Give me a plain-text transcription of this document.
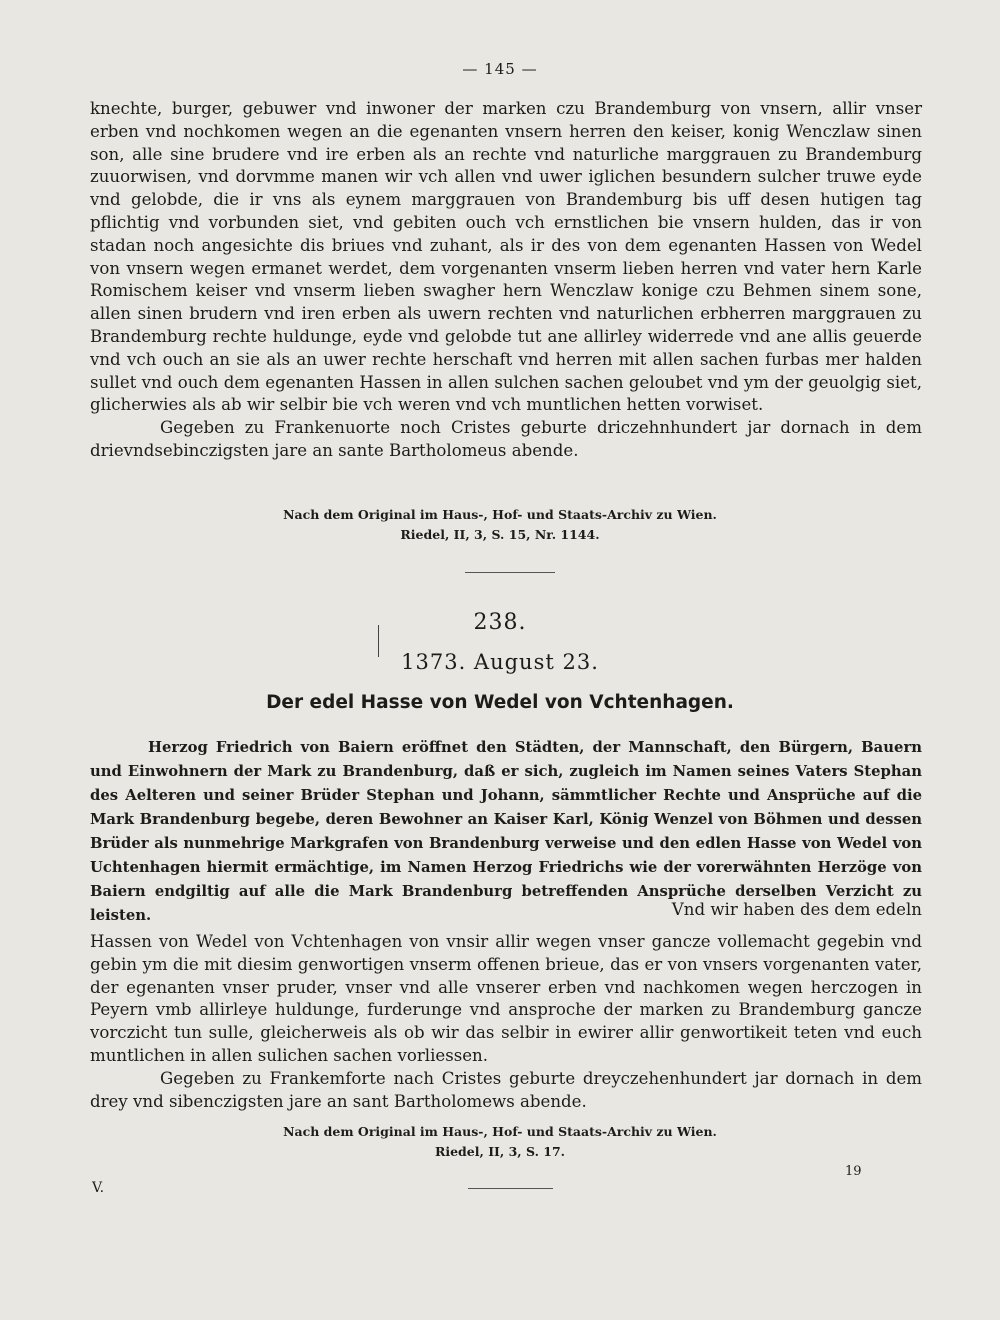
— 145 —

knechte, burger, gebuwer vnd inwoner der marken czu Brandemburg von vnsern, allir vnser erben vnd nochkomen wegen an die egenanten vnsern herren den keiser, konig Wenczlaw sinen son, alle sine brudere vnd ire erben als an rechte vnd naturliche marggrauen zu Brandemburg zuuorwisen, vnd dorvmme manen wir vch allen vnd uwer iglichen besundern sulcher truwe eyde vnd gelobde, die ir vns als eynem marggrauen von Brandemburg bis uff desen hutigen tag pflichtig vnd vorbunden siet, vnd gebiten ouch vch ernstlichen bie vnsern hulden, das ir von stadan noch angesichte dis briues vnd zuhant, als ir des von dem egenanten Hassen von Wedel von vnsern wegen ermanet werdet, dem vorgenanten vnserm lieben herren vnd vater hern Karle Romischem keiser vnd vnserm lieben swagher hern Wenczlaw konige czu Behmen sinem sone, allen sinen brudern vnd iren erben als uwern rechten vnd naturlichen erbherren marggrauen zu Brandemburg rechte huldunge, eyde vnd gelobde tut ane allirley widerrede vnd ane allis geuerde vnd vch ouch an sie als an uwer rechte herschaft vnd herren mit allen sachen furbas mer halden sullet vnd ouch dem egenanten Hassen in allen sulchen sachen geloubet vnd ym der geuolgig siet, glicherwies als ab wir selbir bie vch weren vnd vch muntlichen hetten vorwiset.

Gegeben zu Frankenuorte noch Cristes geburte driczehnhundert jar dornach in dem drievndsebinczigsten jare an sante Bartholomeus abende.

Nach dem Original im Haus-, Hof- und Staats-Archiv zu Wien.
Riedel, II, 3, S. 15, Nr. 1144.
238.
1373. August 23.
Der edel Hasse von Wedel von Vchtenhagen.
Herzog Friedrich von Baiern eröffnet den Städten, der Mannschaft, den Bürgern, Bauern und Einwohnern der Mark zu Brandenburg, daß er sich, zugleich im Namen seines Vaters Stephan des Aelteren und seiner Brüder Stephan und Johann, sämmtlicher Rechte und Ansprüche auf die Mark Brandenburg begebe, deren Bewohner an Kaiser Karl, König Wenzel von Böhmen und dessen Brüder als nunmehrige Markgrafen von Brandenburg verweise und den edlen Hasse von Wedel von Uchtenhagen hiermit ermächtige, im Namen Herzog Friedrichs wie der vorerwähnten Herzöge von Baiern endgiltig auf alle die Mark Brandenburg betreffenden Ansprüche derselben Verzicht zu leisten.	Vnd wir haben des dem edeln

Hassen von Wedel von Vchtenhagen von vnsir allir wegen vnser gancze vollemacht gegebin vnd gebin ym die mit diesim genwortigen vnserm offenen brieue, das er von vnsers vorgenanten vater, der egenanten vnser pruder, vnser vnd alle vnserer erben vnd nachkomen wegen herczogen in Peyern vmb allirleye huldunge, furderunge vnd ansproche der marken zu Brandemburg gancze vorczicht tun sulle, gleicherweis als ob wir das selbir in ewirer allir genwortikeit teten vnd euch muntlichen in allen sulichen sachen vorliessen.

Gegeben zu Frankemforte nach Cristes geburte dreyczehenhundert jar dornach in dem drey vnd sibenczigsten jare an sant Bartholomews abende.

Nach dem Original im Haus-, Hof- und Staats-Archiv zu Wien.
Riedel, II, 3, S. 17.
V.
19
